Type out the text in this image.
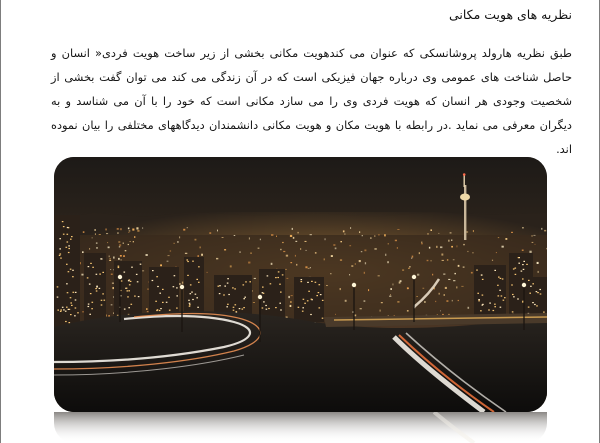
نظریه های هویت مکانی

طبق نظریه هارولد پروشانسکی که عنوان می کندهویت مکانی بخشی از زیر ساخت هویت فردی« انسان و حاصل شناخت های عمومی وی درباره جهان فیزیکی است که در آن زندگی می کند می توان گفت بخشی از شخصیت وجودی هر انسان که هویت فردی وی را می سازد مکانی است که خود را با آن می شناسد و به دیگران معرفی می نماید .در رابطه با هویت مکان و هویت مکانی دانشمندان دیدگاههای مختلفی را بیان نموده اند.
